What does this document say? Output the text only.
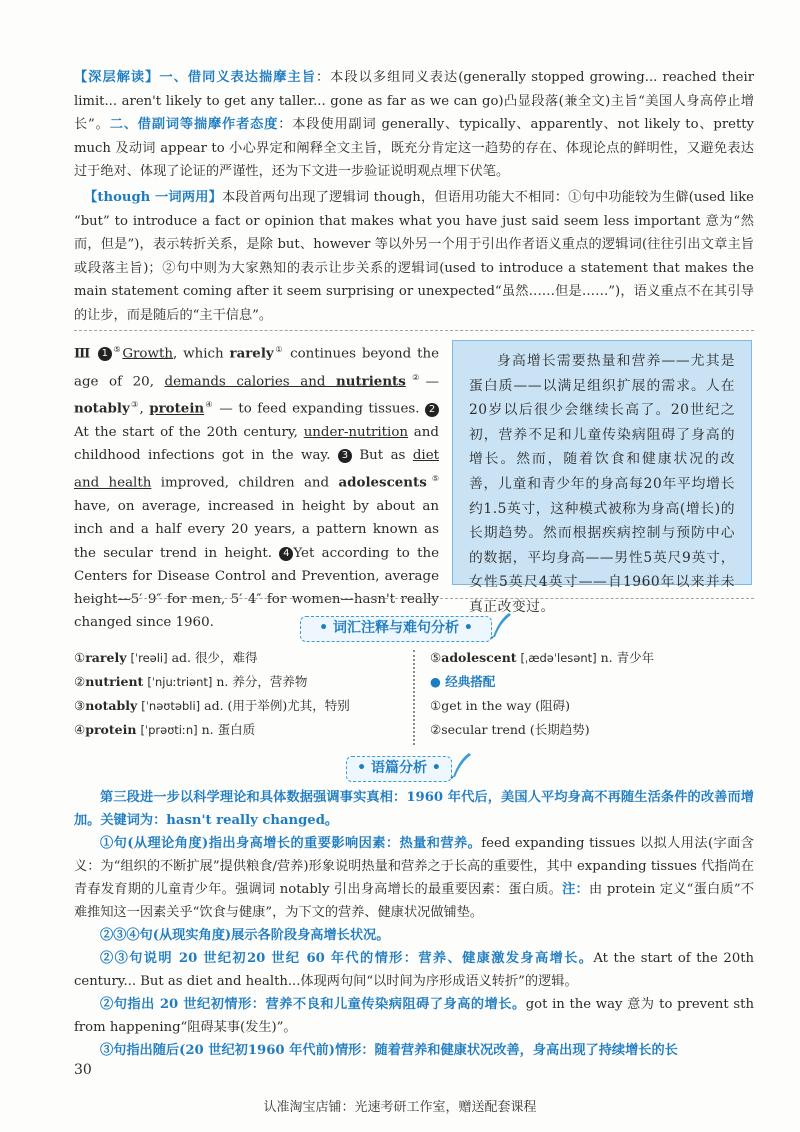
【深层解读】一、借同义表达揣摩主旨：本段以多组同义表达(generally stopped growing... reached their limit... aren't likely to get any taller... gone as far as we can go)凸显段落(兼全文)主旨“美国人身高停止增长”。二、借副词等揣摩作者态度：本段使用副词 generally、typically、apparently、not likely to、pretty much 及动词 appear to 小心界定和阐释全文主旨，既充分肯定这一趋势的存在、体现论点的鲜明性，又避免表达过于绝对、体现了论证的严谨性，还为下文进一步验证说明观点埋下伏笔。

【though 一词两用】本段首两句出现了逻辑词 though，但语用功能大不相同：①句中功能较为生僻(used like “but” to introduce a fact or opinion that makes what you have just said seem less important 意为“然而，但是”)，表示转折关系，是除 but、however 等以外另一个用于引出作者语义重点的逻辑词(往往引出文章主旨或段落主旨)；②句中则为大家熟知的表示让步关系的逻辑词(used to introduce a statement that makes the main statement coming after it seem surprising or unexpected“虽然……但是……”)，语义重点不在其引导的让步，而是随后的“主干信息”。

Ⅲ 1 ⑤Growth, which rarely① continues beyond the age of 20, demands calories and nutrients②—notably③, protein④ — to feed expanding tissues. 2 At the start of the 20th century, under-nutrition and childhood infections got in the way. 3 But as diet and health improved, children and adolescents⑤ have, on average, increased in height by about an inch and a half every 20 years, a pattern known as the secular trend in height. 4 Yet according to the Centers for Disease Control and Prevention, average height—5′ 9″ for men, 5′ 4″ for women—hasn't really changed since 1960.
身高增长需要热量和营养——尤其是蛋白质——以满足组织扩展的需求。人在20岁以后很少会继续长高了。20世纪之初，营养不足和儿童传染病阻碍了身高的增长。然而，随着饮食和健康状况的改善，儿童和青少年的身高每20年平均增长约1.5英寸，这种模式被称为身高(增长)的长期趋势。然而根据疾病控制与预防中心的数据，平均身高——男性5英尺9英寸，女性5英尺4英寸——自1960年以来并未真正改变过。
• 词汇注释与难句分析 •
①rarely [ˈreəli] ad. 很少，难得
②nutrient [ˈnjuːtriənt] n. 养分，营养物
③notably [ˈnəʊtəbli] ad. (用于举例)尤其，特别
④protein [ˈprəʊtiːn] n. 蛋白质
⑤adolescent [ˌædəˈlesənt] n. 青少年
● 经典搭配
①get in the way (阻碍)
②secular trend (长期趋势)
• 语篇分析 •

第三段进一步以科学理论和具体数据强调事实真相：1960 年代后，美国人平均身高不再随生活条件的改善而增加。关键词为：hasn't really changed。

①句(从理论角度)指出身高增长的重要影响因素：热量和营养。feed expanding tissues 以拟人用法(字面含义：为“组织的不断扩展”提供粮食/营养)形象说明热量和营养之于长高的重要性，其中 expanding tissues 代指尚在青春发育期的儿童青少年。强调词 notably 引出身高增长的最重要因素：蛋白质。注：由 protein 定义“蛋白质”不难推知这一因素关乎“饮食与健康”，为下文的营养、健康状况做铺垫。

②③④句(从现实角度)展示各阶段身高增长状况。

②③句说明 20 世纪初20 世纪 60 年代的情形：营养、健康激发身高增长。At the start of the 20th century... But as diet and health...体现两句间“以时间为序形成语义转折”的逻辑。

②句指出 20 世纪初情形：营养不良和儿童传染病阻碍了身高的增长。got in the way 意为 to prevent sth from happening“阻碍某事(发生)”。

③句指出随后(20 世纪初1960 年代前)情形：随着营养和健康状况改善，身高出现了持续增长的长

30
认准淘宝店铺：光速考研工作室，赠送配套课程
